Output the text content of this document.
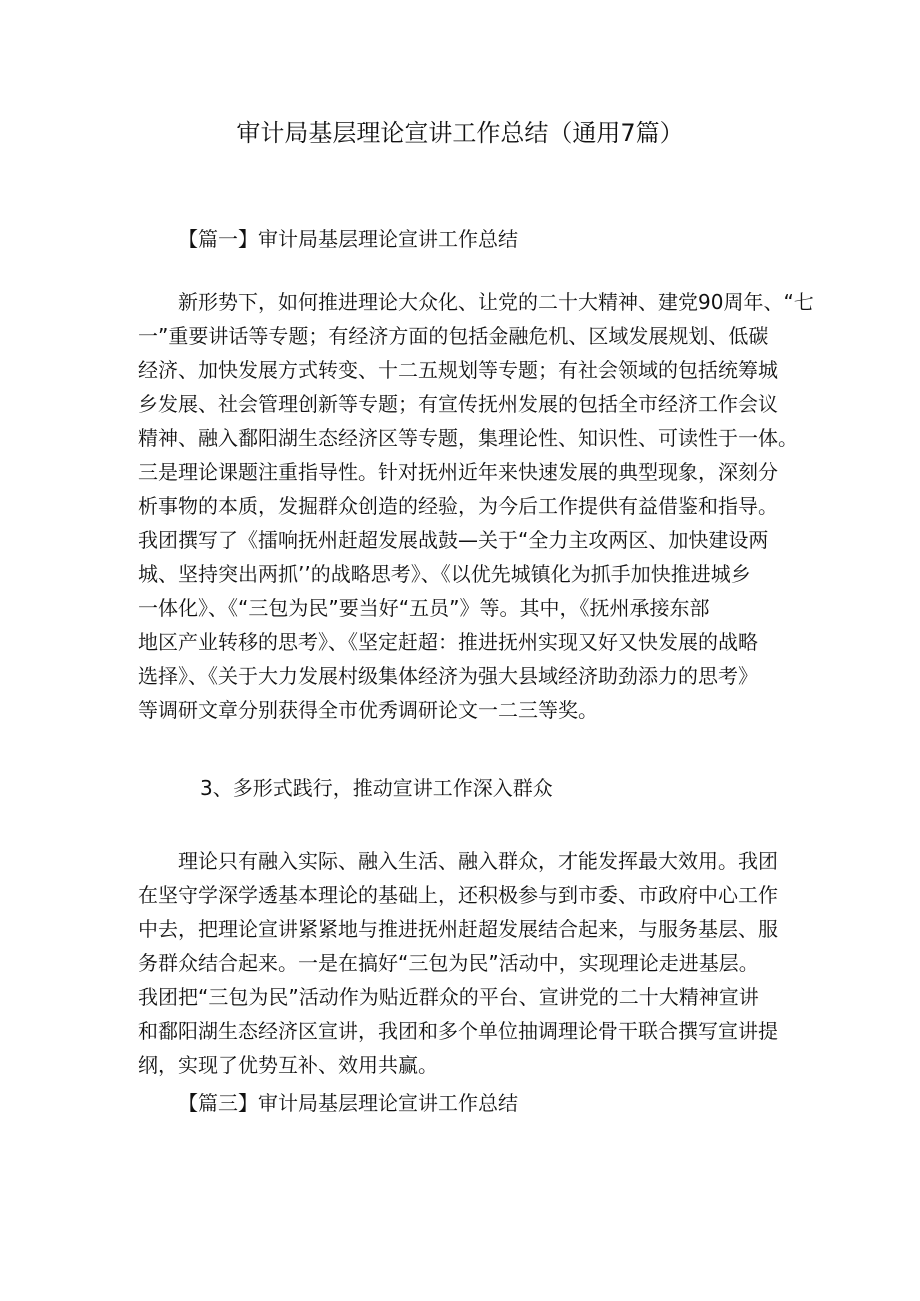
审计局基层理论宣讲工作总结（通用7篇）
【篇一】审计局基层理论宣讲工作总结
新形势下，如何推进理论大众化、让党的二十大精神、建党90周年、“七
一”重要讲话等专题；有经济方面的包括金融危机、区域发展规划、低碳
经济、加快发展方式转变、十二五规划等专题；有社会领域的包括统筹城
乡发展、社会管理创新等专题；有宣传抚州发展的包括全市经济工作会议
精神、融入鄱阳湖生态经济区等专题，集理论性、知识性、可读性于一体。
三是理论课题注重指导性。针对抚州近年来快速发展的典型现象，深刻分
析事物的本质，发掘群众创造的经验，为今后工作提供有益借鉴和指导。
我团撰写了《擂响抚州赶超发展战鼓—关于“全力主攻两区、加快建设两
城、坚持突出两抓’’的战略思考》、《以优先城镇化为抓手加快推进城乡
一体化》、《“三包为民”要当好“五员”》等。其中，《抚州承接东部
地区产业转移的思考》、《坚定赶超：推进抚州实现又好又快发展的战略
选择》、《关于大力发展村级集体经济为强大县域经济助劲添力的思考》
等调研文章分别获得全市优秀调研论文一二三等奖。
3、多形式践行，推动宣讲工作深入群众
理论只有融入实际、融入生活、融入群众，才能发挥最大效用。我团
在坚守学深学透基本理论的基础上，还积极参与到市委、市政府中心工作
中去，把理论宣讲紧紧地与推进抚州赶超发展结合起来，与服务基层、服
务群众结合起来。一是在搞好“三包为民”活动中，实现理论走进基层。
我团把“三包为民”活动作为贴近群众的平台、宣讲党的二十大精神宣讲
和鄱阳湖生态经济区宣讲，我团和多个单位抽调理论骨干联合撰写宣讲提
纲，实现了优势互补、效用共赢。
【篇三】审计局基层理论宣讲工作总结
